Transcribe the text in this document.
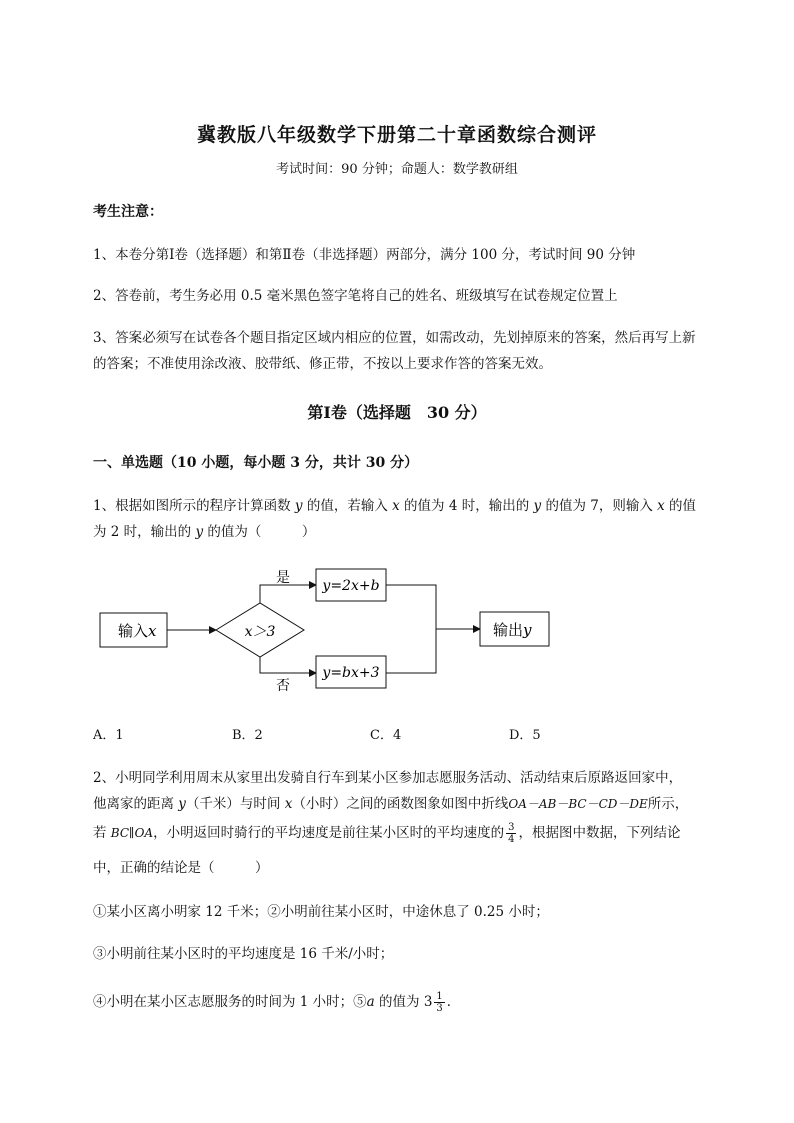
冀教版八年级数学下册第二十章函数综合测评
考试时间：90 分钟；命题人：数学教研组
考生注意：
1、本卷分第Ⅰ卷（选择题）和第Ⅱ卷（非选择题）两部分，满分 100 分，考试时间 90 分钟
2、答卷前，考生务必用 0.5 毫米黑色签字笔将自己的姓名、班级填写在试卷规定位置上
3、答案必须写在试卷各个题目指定区域内相应的位置，如需改动，先划掉原来的答案，然后再写上新
的答案；不准使用涂改液、胶带纸、修正带，不按以上要求作答的答案无效。
第Ⅰ卷（选择题　30 分）
一、单选题（10 小题，每小题 3 分，共计 30 分）
1、根据如图所示的程序计算函数 y 的值，若输入 x 的值为 4 时，输出的 y 的值为 7，则输入 x 的值
为 2 时，输出的 y 的值为（　　　）
输入x	x＞3
是
否
y=2x+b
y=bx+3
输出y
A．1	B．2	C．4	D．5
2、小明同学利用周末从家里出发骑自行车到某小区参加志愿服务活动、活动结束后原路返回家中，
他离家的距离 y（千米）与时间 x（小时）之间的函数图象如图中折线OA－AB－BC－CD－DE所示，
若 BC∥OA，小明返回时骑行的平均速度是前往某小区时的平均速度的 $\frac{3}{4}$ ，根据图中数据，下列结论
中，正确的结论是（　　　）
①某小区离小明家 12 千米；②小明前往某小区时，中途休息了 0.25 小时；
③小明前往某小区时的平均速度是 16 千米/小时；
④小明在某小区志愿服务的时间为 1 小时；⑤a 的值为 $3 \frac{1}{3}$ ．
